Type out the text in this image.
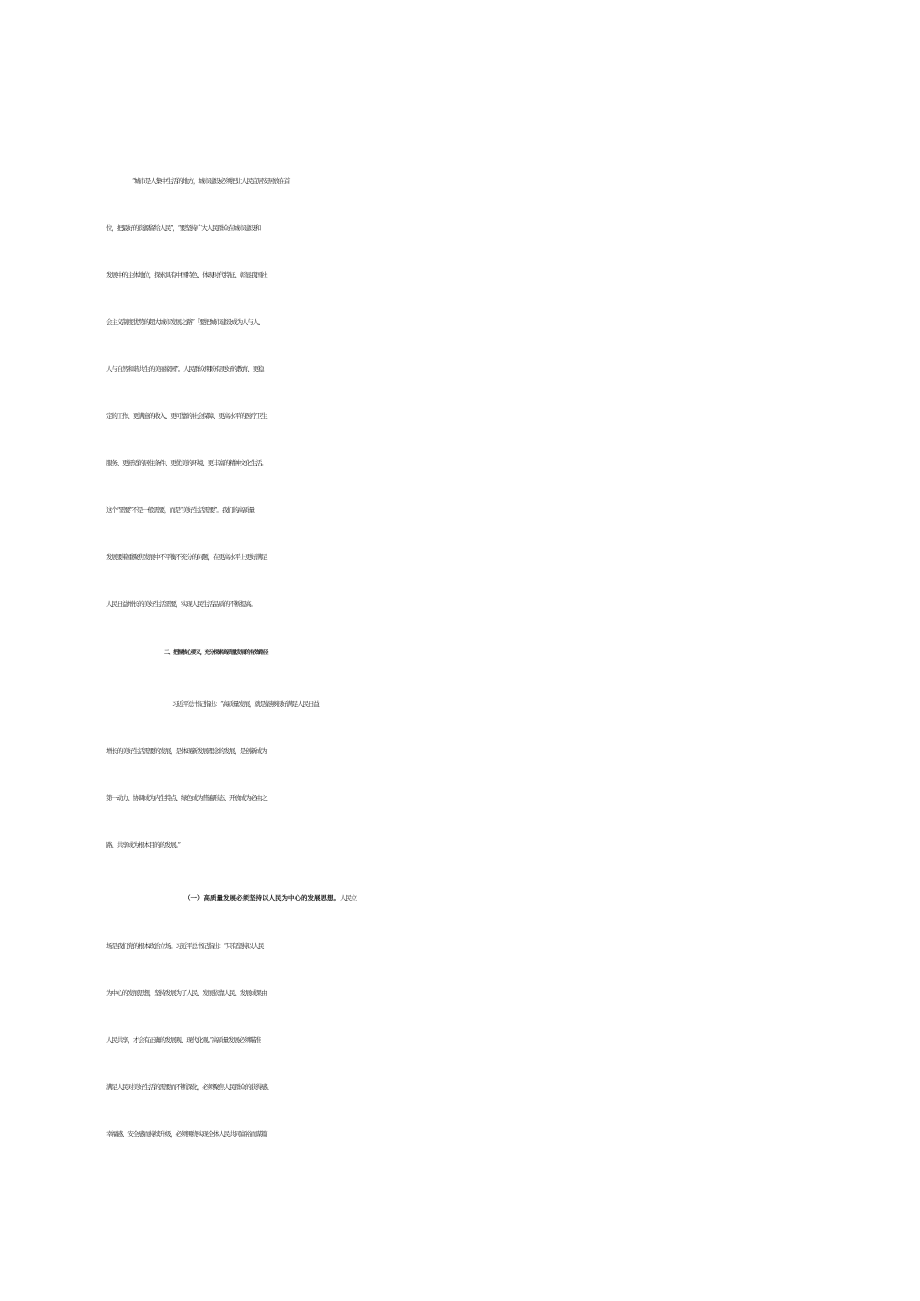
“城市是人集中生活的地方，城市建设必须把让人民宜居安居放在首

位，把最好的资源留给人民”，“要坚持广大人民群众在城市建设和

发展中的主体地位，探索具有中国特色、体现时代特征、彰显我国社

会主义制度优势的超大城市发展之路”「要把城市建设成为人与人、

人与自然和谐共生的美丽家园”。人民群众期盼有更好的教育、更稳

定的工作、更满意的收入、更可靠的社会保障、更高水平的医疗卫生

服务、更舒适的居住条件、更优美的环境、更丰富的精神文化生活。

这个“需要”不是一般需要，而是“美好生活需要”。我们的高质量

发展要着重聚焦发展中不平衡不充分的问题，在更高水平上更好满足

人民日益增长的美好生活需要，实现人民生活品质的不断提高。

二、把握核心要义，充分探索高质量发展的有效路径

习近平总书记指出：“高质量发展，就是能够很好满足人民日益

增长的美好生活需要的发展，是体现新发展理念的发展，是创新成为

第一动力、协调成为内生特点、绿色成为普遍形态、开放成为必由之

路、共享成为根本目的的发展。”

（一）高质量发展必须坚持以人民为中心的发展思想。人民立

场是我们党的根本政治立场。习近平总书记指出：“只有坚持以人民

为中心的发展思想，坚持发展为了人民、发展依靠人民、发展成果由

人民共享，才会有正确的发展观、现代化观。”高质量发展必须瞄准

满足人民对美好生活的需要而不断深化，必须聚焦人民群众的获得感、

幸福感、安全感而持续升级，必须围绕实现全体人民共同富裕而谋篇
